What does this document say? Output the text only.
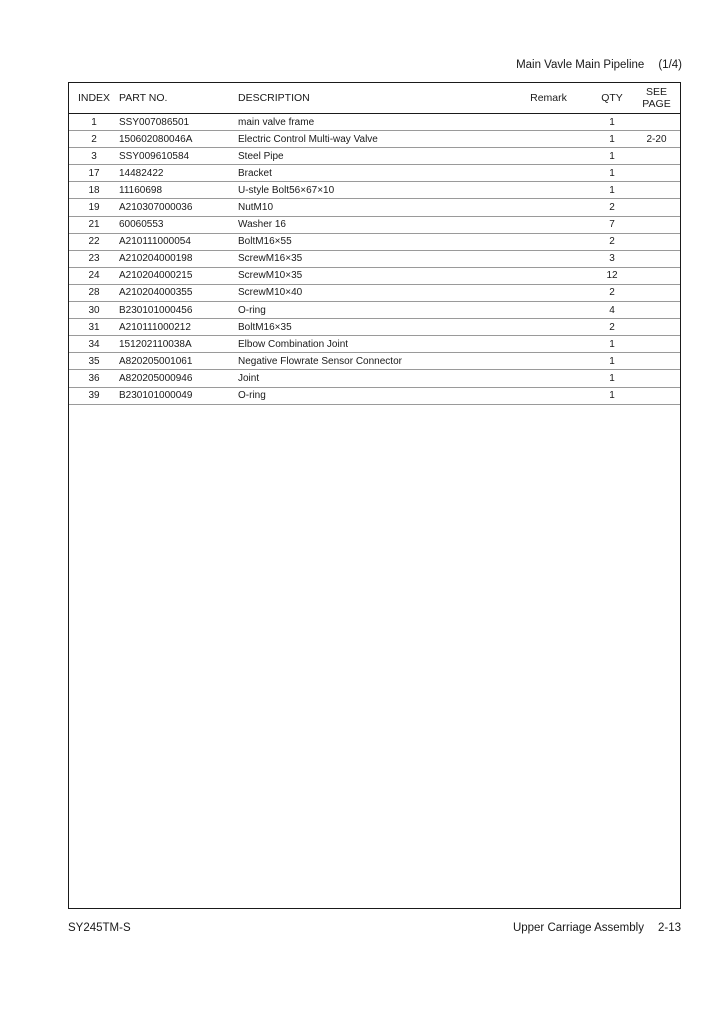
Main Vavle Main Pipeline (1/4)
INDEX	PART NO.	DESCRIPTION	Remark	QTY	SEE PAGE
1	SSY007086501	main valve frame		1	
2	150602080046A	Electric Control Multi-way Valve		1	2-20
3	SSY009610584	Steel Pipe		1	
17	14482422	Bracket		1	
18	11160698	U-style Bolt56×67×10		1	
19	A210307000036	NutM10		2	
21	60060553	Washer 16		7	
22	A210111000054	BoltM16×55		2	
23	A210204000198	ScrewM16×35		3	
24	A210204000215	ScrewM10×35		12	
28	A210204000355	ScrewM10×40		2	
30	B230101000456	O-ring		4	
31	A210111000212	BoltM16×35		2	
34	151202110038A	Elbow Combination Joint		1	
35	A820205001061	Negative Flowrate Sensor Connector		1	
36	A820205000946	Joint		1	
39	B230101000049	O-ring		1	
SY245TM-S	Upper Carriage Assembly 2-13
